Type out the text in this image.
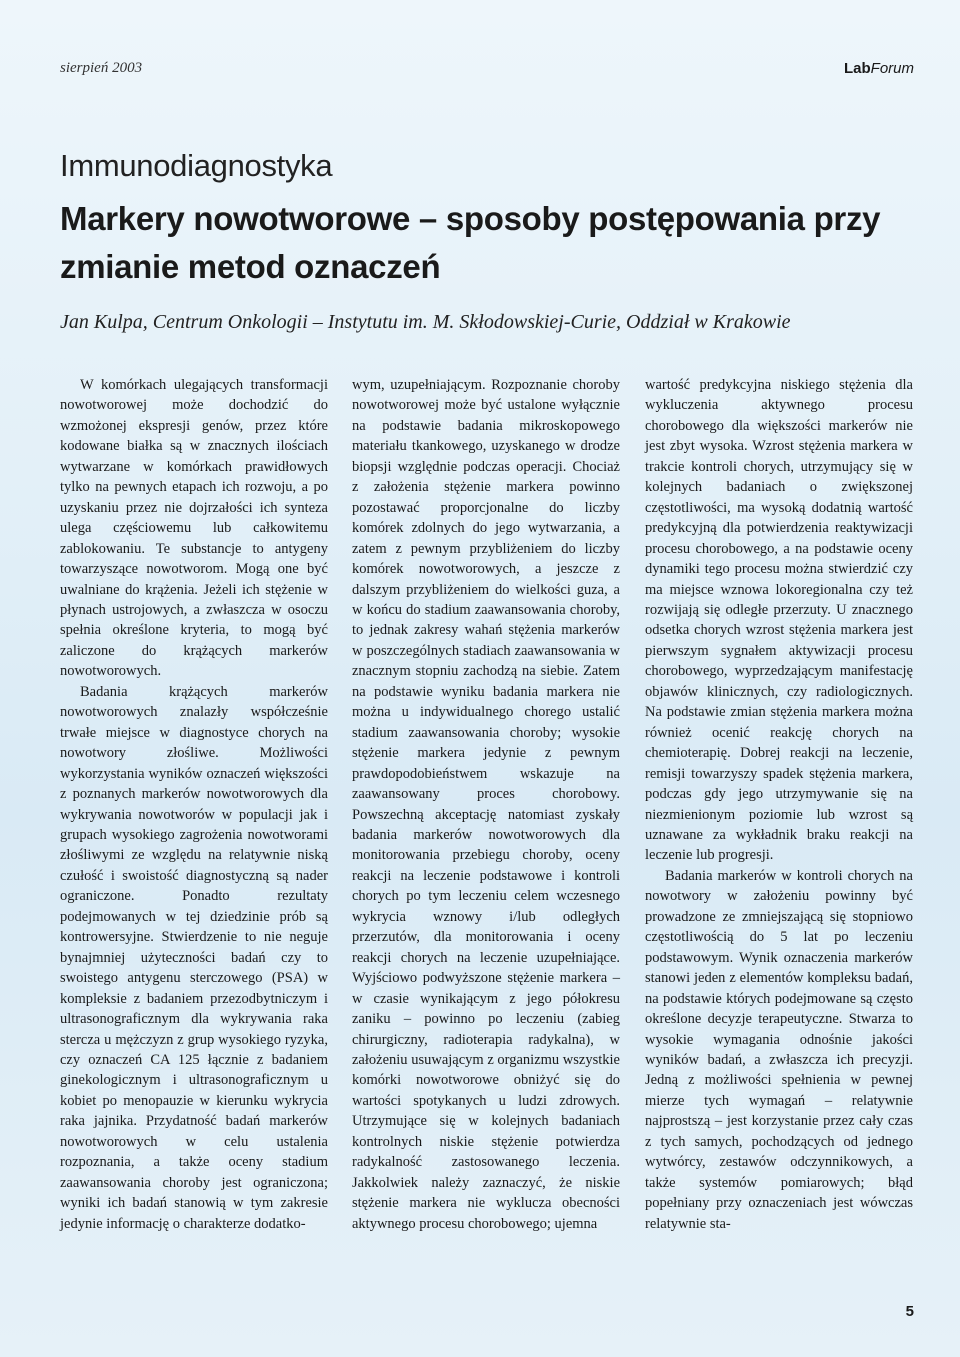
sierpień 2003	LabForum
Immunodiagnostyka
Markery nowotworowe – sposoby postępowania przy zmianie metod oznaczeń
Jan Kulpa, Centrum Onkologii – Instytutu im. M. Skłodowskiej-Curie, Oddział w Krakowie

W komórkach ulegających transformacji nowotworowej może dochodzić do wzmożonej ekspresji genów, przez które kodowane białka są w znacznych ilościach wytwarzane w komórkach prawidłowych tylko na pewnych etapach ich rozwoju, a po uzyskaniu przez nie dojrzałości ich synteza ulega częściowemu lub całkowitemu zablokowaniu. Te substancje to antygeny towarzyszące nowotworom. Mogą one być uwalniane do krążenia. Jeżeli ich stężenie w płynach ustrojowych, a zwłaszcza w osoczu spełnia określone kryteria, to mogą być zaliczone do krążących markerów nowotworowych.

Badania krążących markerów nowotworowych znalazły współcześnie trwałe miejsce w diagnostyce chorych na nowotwory złośliwe. Możliwości wykorzystania wyników oznaczeń większości z poznanych markerów nowotworowych dla wykrywania nowotworów w populacji jak i grupach wysokiego zagrożenia nowotworami złośliwymi ze względu na relatywnie niską czułość i swoistość diagnostyczną są nader ograniczone. Ponadto rezultaty podejmowanych w tej dziedzinie prób są kontrowersyjne. Stwierdzenie to nie neguje bynajmniej użyteczności badań czy to swoistego antygenu sterczowego (PSA) w kompleksie z badaniem przezodbytniczym i ultrasonograficznym dla wykrywania raka stercza u mężczyzn z grup wysokiego ryzyka, czy oznaczeń CA 125 łącznie z badaniem ginekologicznym i ultrasonograficznym u kobiet po menopauzie w kierunku wykrycia raka jajnika. Przydatność badań markerów nowotworowych w celu ustalenia rozpoznania, a także oceny stadium zaawansowania choroby jest ograniczona; wyniki ich badań stanowią w tym zakresie jedynie informację o charakterze dodatko-

wym, uzupełniającym. Rozpoznanie choroby nowotworowej może być ustalone wyłącznie na podstawie badania mikroskopowego materiału tkankowego, uzyskanego w drodze biopsji względnie podczas operacji. Chociaż z założenia stężenie markera powinno pozostawać proporcjonalne do liczby komórek zdolnych do jego wytwarzania, a zatem z pewnym przybliżeniem do liczby komórek nowotworowych, a jeszcze z dalszym przybliżeniem do wielkości guza, a w końcu do stadium zaawansowania choroby, to jednak zakresy wahań stężenia markerów w poszczególnych stadiach zaawansowania w znacznym stopniu zachodzą na siebie. Zatem na podstawie wyniku badania markera nie można u indywidualnego chorego ustalić stadium zaawansowania choroby; wysokie stężenie markera jedynie z pewnym prawdopodobieństwem wskazuje na zaawansowany proces chorobowy. Powszechną akceptację natomiast zyskały badania markerów nowotworowych dla monitorowania przebiegu choroby, oceny reakcji na leczenie podstawowe i kontroli chorych po tym leczeniu celem wczesnego wykrycia wznowy i/lub odległych przerzutów, dla monitorowania i oceny reakcji chorych na leczenie uzupełniające. Wyjściowo podwyższone stężenie markera – w czasie wynikającym z jego półokresu zaniku – powinno po leczeniu (zabieg chirurgiczny, radioterapia radykalna), w założeniu usuwającym z organizmu wszystkie komórki nowotworowe obniżyć się do wartości spotykanych u ludzi zdrowych. Utrzymujące się w kolejnych badaniach kontrolnych niskie stężenie potwierdza radykalność zastosowanego leczenia. Jakkolwiek należy zaznaczyć, że niskie stężenie markera nie wyklucza obecności aktywnego procesu chorobowego; ujemna

wartość predykcyjna niskiego stężenia dla wykluczenia aktywnego procesu chorobowego dla większości markerów nie jest zbyt wysoka. Wzrost stężenia markera w trakcie kontroli chorych, utrzymujący się w kolejnych badaniach o zwiększonej częstotliwości, ma wysoką dodatnią wartość predykcyjną dla potwierdzenia reaktywizacji procesu chorobowego, a na podstawie oceny dynamiki tego procesu można stwierdzić czy ma miejsce wznowa lokoregionalna czy też rozwijają się odległe przerzuty. U znacznego odsetka chorych wzrost stężenia markera jest pierwszym sygnałem aktywizacji procesu chorobowego, wyprzedzającym manifestację objawów klinicznych, czy radiologicznych. Na podstawie zmian stężenia markera można również ocenić reakcję chorych na chemioterapię. Dobrej reakcji na leczenie, remisji towarzyszy spadek stężenia markera, podczas gdy jego utrzymywanie się na niezmienionym poziomie lub wzrost są uznawane za wykładnik braku reakcji na leczenie lub progresji.

Badania markerów w kontroli chorych na nowotwory w założeniu powinny być prowadzone ze zmniejszającą się stopniowo częstotliwością do 5 lat po leczeniu podstawowym. Wynik oznaczenia markerów stanowi jeden z elementów kompleksu badań, na podstawie których podejmowane są często określone decyzje terapeutyczne. Stwarza to wysokie wymagania odnośnie jakości wyników badań, a zwłaszcza ich precyzji. Jedną z możliwości spełnienia w pewnej mierze tych wymagań – relatywnie najprostszą – jest korzystanie przez cały czas z tych samych, pochodzących od jednego wytwórcy, zestawów odczynnikowych, a także systemów pomiarowych; błąd popełniany przy oznaczeniach jest wówczas relatywnie sta-

5
